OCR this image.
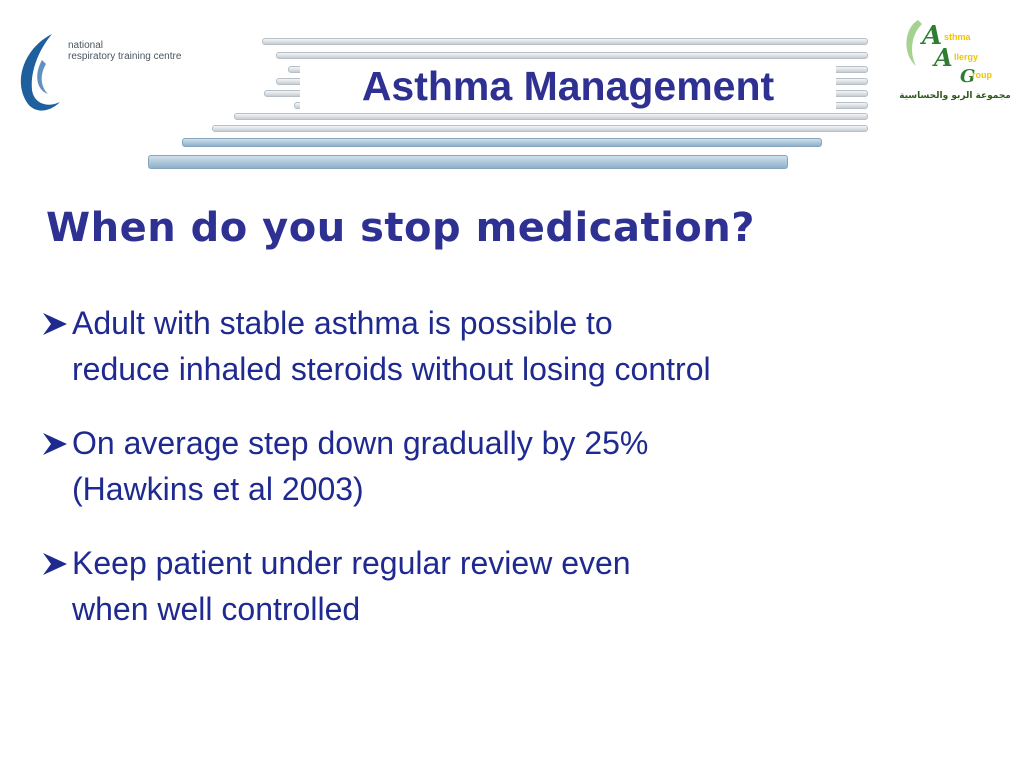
national
respiratory training centre
Asthma Management
A sthma
A llergy
G
roup
مجموعة الربو والحساسية
When do you stop medication?
Adult with stable asthma is possible to
reduce inhaled steroids without losing control
On average step down gradually by 25%
(Hawkins et al 2003)
Keep patient under regular review even
when well controlled
